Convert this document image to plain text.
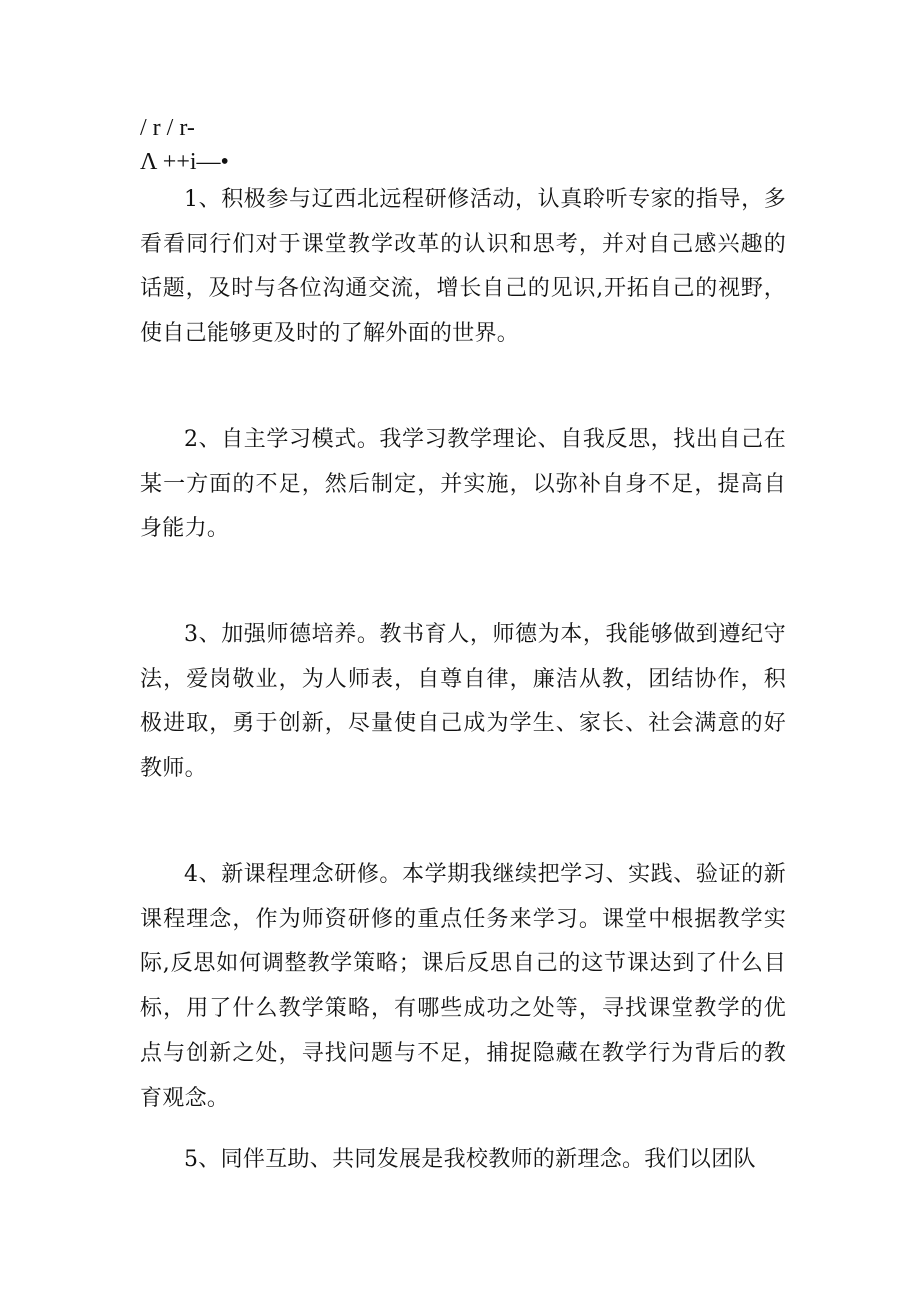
/ r / r-
Λ ++i—•

1、积极参与辽西北远程研修活动，认真聆听专家的指导，多看看同行们对于课堂教学改革的认识和思考，并对自己感兴趣的话题，及时与各位沟通交流，增长自己的见识,开拓自己的视野，使自己能够更及时的了解外面的世界。

2、自主学习模式。我学习教学理论、自我反思，找出自己在某一方面的不足，然后制定，并实施，以弥补自身不足，提高自身能力。

3、加强师德培养。教书育人，师德为本，我能够做到遵纪守法，爱岗敬业，为人师表，自尊自律，廉洁从教，团结协作，积极进取，勇于创新，尽量使自己成为学生、家长、社会满意的好教师。

4、新课程理念研修。本学期我继续把学习、实践、验证的新课程理念，作为师资研修的重点任务来学习。课堂中根据教学实际,反思如何调整教学策略；课后反思自己的这节课达到了什么目标，用了什么教学策略，有哪些成功之处等，寻找课堂教学的优点与创新之处，寻找问题与不足，捕捉隐藏在教学行为背后的教育观念。

5、同伴互助、共同发展是我校教师的新理念。我们以团队
